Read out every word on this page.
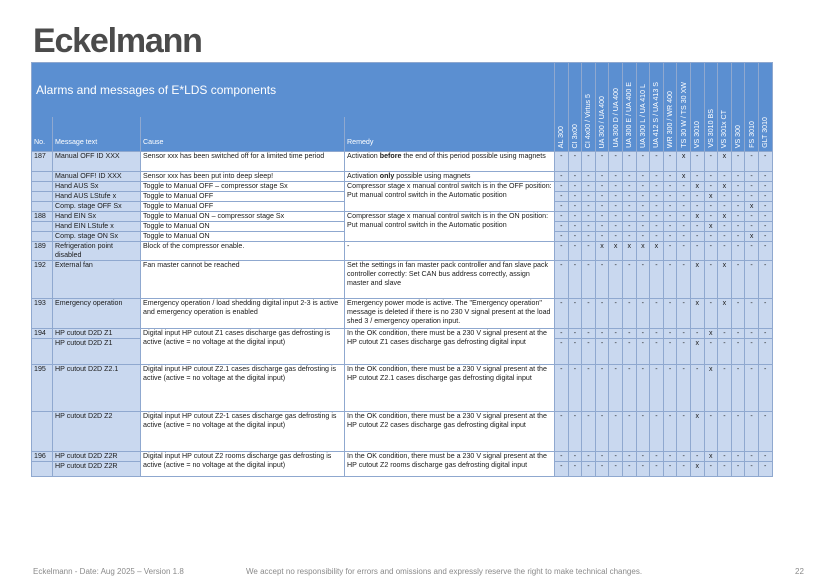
Eckelmann
Alarms and messages of E*LDS components				AL 300	CI 3x00	CI 4x00 / Virtus 5	UA 300 / UA 400	UA 300 D / UA 400	UA 300 E / UA 400 E	UA 300 L / UA 410 L	UA 412 S / UA 413 S	WR 300 / WR 400	TS 30 W / TS 30 XW	VS 3010	VS 3010 BS	VS 301x CT	VS 300	FS 3010	GLT 3010

No.	Message text	Cause	Remedy																
187	Manual OFF ID XXX	Sensor xxx has been switched off for a limited time period	Activation before the end of this period possible using magnets	-	-	-	-	-	-	-	-	-	x	-	-	x	-	-	-
	Manual OFF! ID XXX	Sensor xxx has been put into deep sleep!	Activation only possible using magnets	-	-	-	-	-	-	-	-	-	x	-	-	-	-	-	-
	Hand AUS Sx	Toggle to Manual OFF – compressor stage Sx	Compressor stage x manual control switch is in the OFF position:
Put manual control switch in the Automatic position	-	-	-	-	-	-	-	-	-	-	x	-	x	-	-	-
	Hand AUS LStufe x	Toggle to Manual OFF		-	-	-	-	-	-	-	-	-	-	-	x	-	-	-	-
	Comp. stage OFF Sx	Toggle to Manual OFF		-	-	-	-	-	-	-	-	-	-	-	-	-	-	x	-
188	Hand EIN Sx	Toggle to Manual ON – compressor stage Sx	Compressor stage x manual control switch is in the ON position:
Put manual control switch in the Automatic position	-	-	-	-	-	-	-	-	-	-	x	-	x	-	-	-
	Hand EIN LStufe x	Toggle to Manual ON		-	-	-	-	-	-	-	-	-	-	-	x	-	-	-	-
	Comp. stage ON Sx	Toggle to Manual ON		-	-	-	-	-	-	-	-	-	-	-	-	-	-	x	-
189	Refrigeration point disabled	Block of the compressor enable.	-	-	-	-	x	x	x	x	x	-	-	-	-	-	-	-	-
192	External fan	Fan master cannot be reached	Set the settings in fan master pack controller and fan slave pack controller correctly: Set CAN bus address correctly, assign master and slave	-	-	-	-	-	-	-	-	-	-	x	-	x	-	-	-
193	Emergency operation	Emergency operation / load shedding digital input 2-3 is active and emergency operation is enabled	Emergency power mode is active. The "Emergency operation" message is deleted if there is no 230 V signal present at the load shed 3 / emergency operation input.	-	-	-	-	-	-	-	-	-	-	x	-	x	-	-	-
194	HP cutout D2D Z1	Digital input HP cutout Z1 cases discharge gas defrosting is active (active = no voltage at the digital input)	In the OK condition, there must be a 230 V signal present at the HP cutout Z1 cases discharge gas defrosting digital input	-	-	-	-	-	-	-	-	-	-	-	x	-	-	-	-
	HP cutout D2D Z1			-	-	-	-	-	-	-	-	-	-	x	-	-	-	-	-
195	HP cutout D2D Z2.1	Digital input HP cutout Z2.1 cases discharge gas defrosting is active (active = no voltage at the digital input)	In the OK condition, there must be a 230 V signal present at the HP cutout Z2.1 cases discharge gas defrosting digital input	-	-	-	-	-	-	-	-	-	-	-	x	-	-	-	-
	HP cutout D2D Z2	Digital input HP cutout Z2-1 cases discharge gas defrosting is active (active = no voltage at the digital input)	In the OK condition, there must be a 230 V signal present at the HP cutout Z2 cases discharge gas defrosting digital input	-	-	-	-	-	-	-	-	-	-	x	-	-	-	-	-
196	HP cutout D2D Z2R	Digital input HP cutout Z2 rooms discharge gas defrosting is active (active = no voltage at the digital input)	In the OK condition, there must be a 230 V signal present at the HP cutout Z2 rooms discharge gas defrosting digital input	-	-	-	-	-	-	-	-	-	-	-	x	-	-	-	-
	HP cutout D2D Z2R			-	-	-	-	-	-	-	-	-	-	x	-	-	-	-	-
Eckelmann - Date: Aug 2025 – Version 1.8	We accept no responsibility for errors and omissions and expressly reserve the right to make technical changes.	22
